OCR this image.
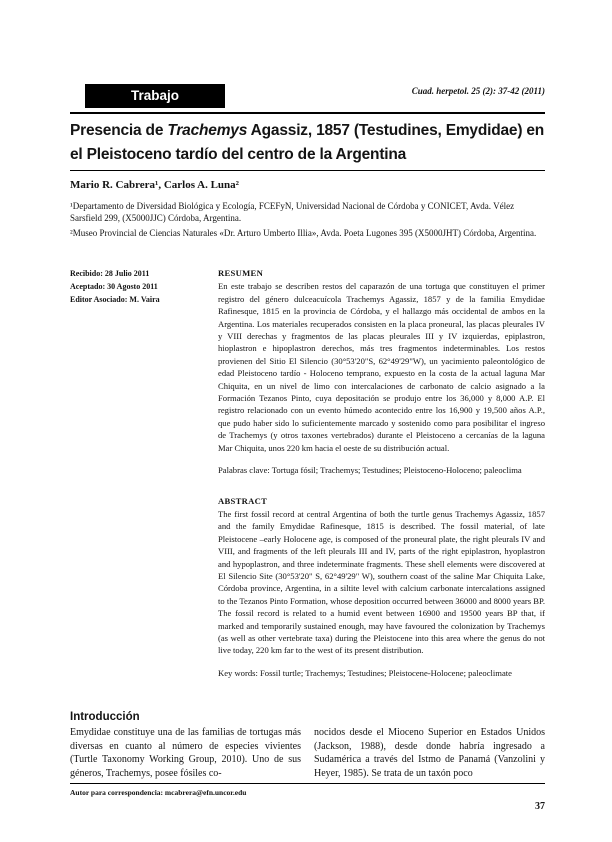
Trabajo	Cuad. herpetol. 25 (2): 37-42 (2011)
Presencia de Trachemys Agassiz, 1857 (Testudines, Emydidae) en el Pleistoceno tardío del centro de la Argentina

Mario R. Cabrera¹, Carlos A. Luna²

¹Departamento de Diversidad Biológica y Ecología, FCEFyN, Universidad Nacional de Córdoba y CONICET, Avda. Vélez Sarsfield 299, (X5000JJC) Córdoba, Argentina.

²Museo Provincial de Ciencias Naturales «Dr. Arturo Umberto Illia», Avda. Poeta Lugones 395 (X5000JHT) Córdoba, Argentina.

Recibido: 28 Julio 2011
Aceptado: 30 Agosto 2011
Editor Asociado: M. Vaira

RESUMEN

En este trabajo se describen restos del caparazón de una tortuga que constituyen el primer registro del género dulceacuícola Trachemys Agassiz, 1857 y de la familia Emydidae Rafinesque, 1815 en la provincia de Córdoba, y el hallazgo más occidental de ambos en la Argentina. Los materiales recuperados consisten en la placa proneural, las placas pleurales IV y VIII derechas y fragmentos de las placas pleurales III y IV izquierdas, epiplastron, hioplastron e hipoplastron derechos, más tres fragmentos indeterminables. Los restos provienen del Sitio El Silencio (30°53'20"S, 62°49'29"W), un yacimiento paleontológico de edad Pleistoceno tardío - Holoceno temprano, expuesto en la costa de la actual laguna Mar Chiquita, en un nivel de limo con intercalaciones de carbonato de calcio asignado a la Formación Tezanos Pinto, cuya depositación se produjo entre los 36,000 y 8,000 A.P. El registro relacionado con un evento húmedo acontecido entre los 16,900 y 19,500 años A.P., que pudo haber sido lo suficientemente marcado y sostenido como para posibilitar el ingreso de Trachemys (y otros taxones vertebrados) durante el Pleistoceno a cercanías de la laguna Mar Chiquita, unos 220 km hacia el oeste de su distribución actual.

Palabras clave: Tortuga fósil; Trachemys; Testudines; Pleistoceno-Holoceno; paleoclima

ABSTRACT

The first fossil record at central Argentina of both the turtle genus Trachemys Agassiz, 1857 and the family Emydidae Rafinesque, 1815 is described. The fossil material, of late Pleistocene –early Holocene age, is composed of the proneural plate, the right pleurals IV and VIII, and fragments of the left pleurals III and IV, parts of the right epiplastron, hyoplastron and hypoplastron, and three indeterminate fragments. These shell elements were discovered at El Silencio Site (30°53'20" S, 62°49'29" W), southern coast of the saline Mar Chiquita Lake, Córdoba province, Argentina, in a siltite level with calcium carbonate intercalations assigned to the Tezanos Pinto Formation, whose deposition occurred between 36000 and 8000 years BP. The fossil record is related to a humid event between 16900 and 19500 years BP that, if marked and temporarily sustained enough, may have favoured the colonization by Trachemys (as well as other vertebrate taxa) during the Pleistocene into this area where the genus do not live today, 220 km far to the west of its present distribution.

Key words: Fossil turtle; Trachemys; Testudines; Pleistocene-Holocene; paleoclimate

Introducción
Emydidae constituye una de las familias de tortugas más diversas en cuanto al número de especies vivientes (Turtle Taxonomy Working Group, 2010). Uno de sus géneros, Trachemys, posee fósiles co-
nocidos desde el Mioceno Superior en Estados Unidos (Jackson, 1988), desde donde habría ingresado a Sudamérica a través del Istmo de Panamá (Vanzolini y Heyer, 1985). Se trata de un taxón poco
Autor para correspondencia: mcabrera@efn.uncor.edu
37
